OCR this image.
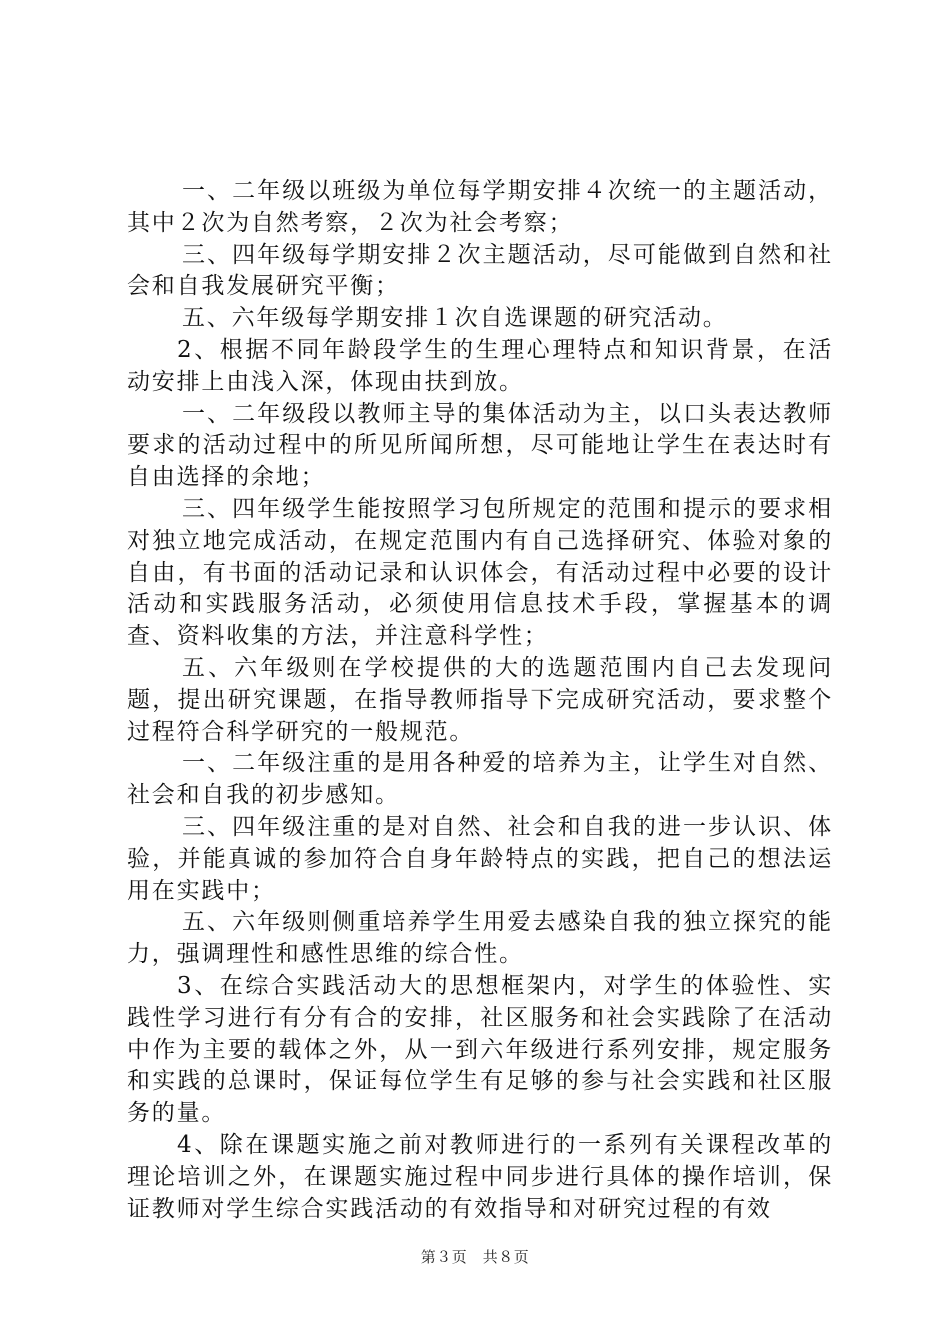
一、二年级以班级为单位每学期安排４次统一的主题活动，其中２次为自然考察，２次为社会考察；

三、四年级每学期安排２次主题活动，尽可能做到自然和社会和自我发展研究平衡；

五、六年级每学期安排１次自选课题的研究活动。

2、根据不同年龄段学生的生理心理特点和知识背景，在活动安排上由浅入深，体现由扶到放。

一、二年级段以教师主导的集体活动为主，以口头表达教师要求的活动过程中的所见所闻所想，尽可能地让学生在表达时有自由选择的余地；

三、四年级学生能按照学习包所规定的范围和提示的要求相对独立地完成活动，在规定范围内有自己选择研究、体验对象的自由，有书面的活动记录和认识体会，有活动过程中必要的设计活动和实践服务活动，必须使用信息技术手段，掌握基本的调查、资料收集的方法，并注意科学性；

五、六年级则在学校提供的大的选题范围内自己去发现问题，提出研究课题，在指导教师指导下完成研究活动，要求整个过程符合科学研究的一般规范。

一、二年级注重的是用各种爱的培养为主，让学生对自然、社会和自我的初步感知。

三、四年级注重的是对自然、社会和自我的进一步认识、体验，并能真诚的参加符合自身年龄特点的实践，把自己的想法运用在实践中；

五、六年级则侧重培养学生用爱去感染自我的独立探究的能力，强调理性和感性思维的综合性。

3、在综合实践活动大的思想框架内，对学生的体验性、实践性学习进行有分有合的安排，社区服务和社会实践除了在活动中作为主要的载体之外，从一到六年级进行系列安排，规定服务和实践的总课时，保证每位学生有足够的参与社会实践和社区服务的量。

4、除在课题实施之前对教师进行的一系列有关课程改革的理论培训之外，在课题实施过程中同步进行具体的操作培训，保证教师对学生综合实践活动的有效指导和对研究过程的有效

第３页　共８页
